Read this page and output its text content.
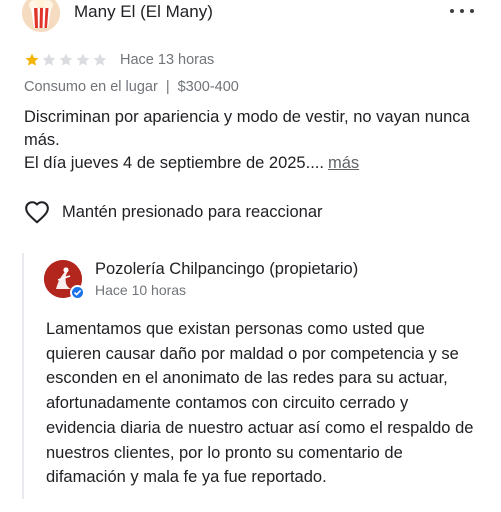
Many El (El Many)
Hace 13 horas
Consumo en el lugar | $300-400

Discriminan por apariencia y modo de vestir, no vayan nunca más.

El día jueves 4 de septiembre de 2025.... más

Mantén presionado para reaccionar
Pozolería Chilpancingo (propietario)
Hace 10 horas
Lamentamos que existan personas como usted que quieren causar daño por maldad o por competencia y se esconden en el anonimato de las redes para su actuar, afortunadamente contamos con circuito cerrado y evidencia diaria de nuestro actuar así como el respaldo de nuestros clientes, por lo pronto su comentario de difamación y mala fe ya fue reportado.
